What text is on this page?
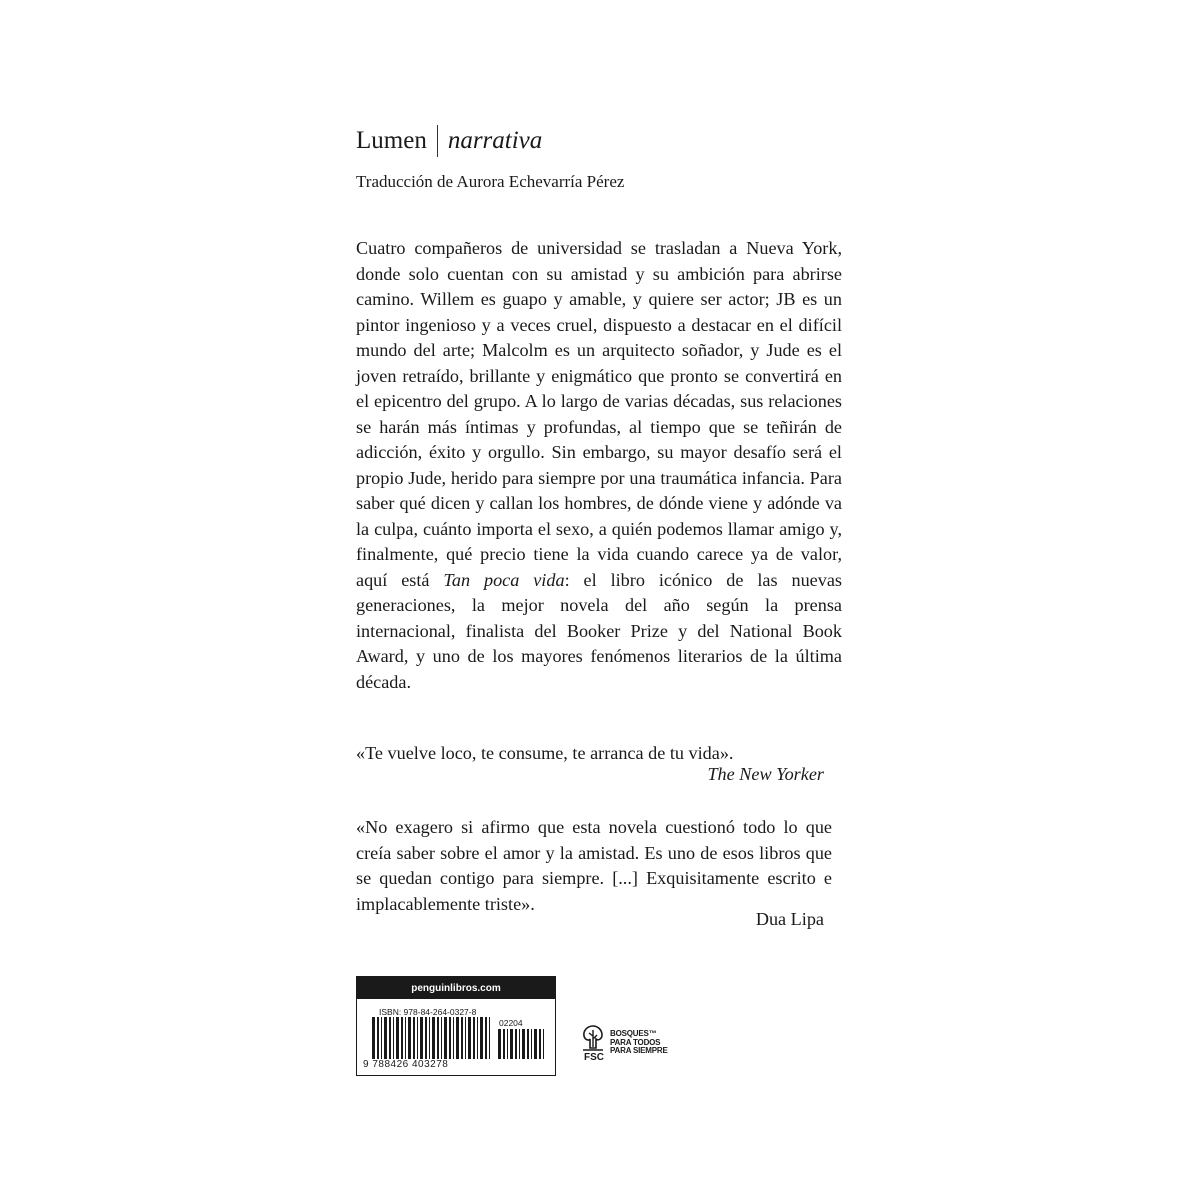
Lumen narrativa
Traducción de Aurora Echevarría Pérez

Cuatro compañeros de universidad se trasladan a Nueva York, donde solo cuentan con su amistad y su ambición para abrirse camino. Willem es guapo y amable, y quiere ser actor; JB es un pintor ingenioso y a veces cruel, dispuesto a destacar en el difícil mundo del arte; Malcolm es un arquitecto soñador, y Jude es el joven retraído, brillante y enigmático que pronto se convertirá en el epicentro del grupo. A lo largo de varias décadas, sus relaciones se harán más íntimas y profundas, al tiempo que se teñirán de adicción, éxito y orgullo. Sin embargo, su mayor desafío será el propio Jude, herido para siempre por una traumática infancia. Para saber qué dicen y callan los hombres, de dónde viene y adónde va la culpa, cuánto importa el sexo, a quién podemos llamar amigo y, finalmente, qué precio tiene la vida cuando carece ya de valor, aquí está Tan poca vida: el libro icónico de las nuevas generaciones, la mejor novela del año según la prensa internacional, finalista del Booker Prize y del National Book Award, y uno de los mayores fenómenos literarios de la última década.

«Te vuelve loco, te consume, te arranca de tu vida».

The New Yorker

«No exagero si afirmo que esta novela cuestionó todo lo que creía saber sobre el amor y la amistad. Es uno de esos libros que se quedan contigo para siempre. [...] Exquisitamente escrito e implacablemente triste».

Dua Lipa
penguinlibros.com
ISBN: 978-84-264-0327-8
02204
9 788426 403278
FSC
BOSQUES™
PARA TODOS
PARA SIEMPRE
